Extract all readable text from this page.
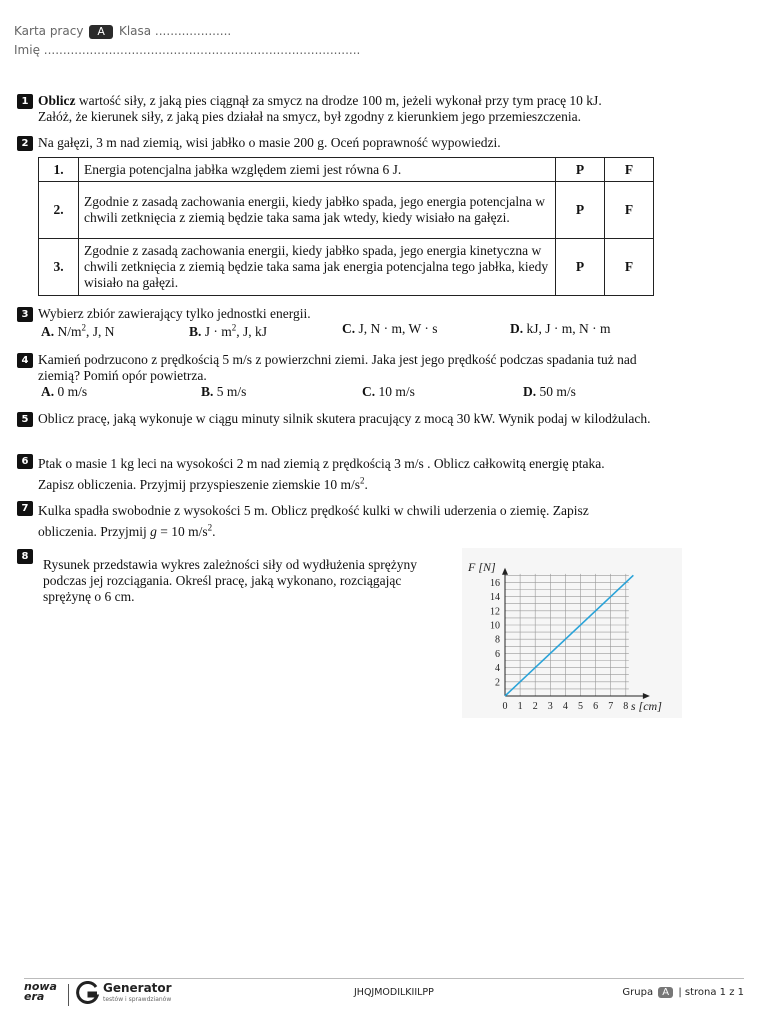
Karta pracy A Klasa ....................
Imię ...................................................................................
1 Oblicz wartość siły, z jaką pies ciągnął za smycz na drodze 100 m, jeżeli wykonał przy tym pracę 10 kJ.
Załóż, że kierunek siły, z jaką pies działał na smycz, był zgodny z kierunkiem jego przemieszczenia.
2 Na gałęzi, 3 m nad ziemią, wisi jabłko o masie 200 g. Oceń poprawność wypowiedzi.
1.	Energia potencjalna jabłka względem ziemi jest równa 6 J.	P	F
2.	Zgodnie z zasadą zachowania energii, kiedy jabłko spada, jego energia potencjalna w chwili zetknięcia z ziemią będzie taka sama jak wtedy, kiedy wisiało na gałęzi.	P	F
3.	Zgodnie z zasadą zachowania energii, kiedy jabłko spada, jego energia kinetyczna w chwili zetknięcia z ziemią będzie taka sama jak energia potencjalna tego jabłka, kiedy wisiało na gałęzi.	P	F
3 Wybierz zbiór zawierający tylko jednostki energii.
A. $N/m^2$, J, N	B. $J \cdot m^2$, J, kJ	C. J, N · m, W · s	D. kJ, J · m, N · m
4 Kamień podrzucono z prędkością 5 m/s z powierzchni ziemi. Jaka jest jego prędkość podczas spadania tuż nad ziemią? Pomiń opór powietrza.
A. 0 m/s	B. 5 m/s	C. 10 m/s	D. 50 m/s
5 Oblicz pracę, jaką wykonuje w ciągu minuty silnik skutera pracujący z mocą 30 kW. Wynik podaj w kilodżulach.
6 Ptak o masie 1 kg leci na wysokości 2 m nad ziemią z prędkością 3 m/s . Oblicz całkowitą energię ptaka.
Zapisz obliczenia. Przyjmij przyspieszenie ziemskie 10 $m/s^2$.
7 Kulka spadła swobodnie z wysokości 5 m. Oblicz prędkość kulki w chwili uderzenia o ziemię. Zapisz
obliczenia. Przyjmij g = 10 $m/s^2$.
8
Rysunek przedstawia wykres zależności siły od wydłużenia sprężyny podczas jej rozciągania. Określ pracę, jaką wykonano, rozciągając sprężynę o 6 cm.
0 1 2 3 4 5 6 7 8
2
4
6
8
10
12
14
16
F [N]
s [cm]
nowa era
Generator
testów i sprawdzianów
JHQJMODILKIILPP	Grupa A | strona 1 z 1
